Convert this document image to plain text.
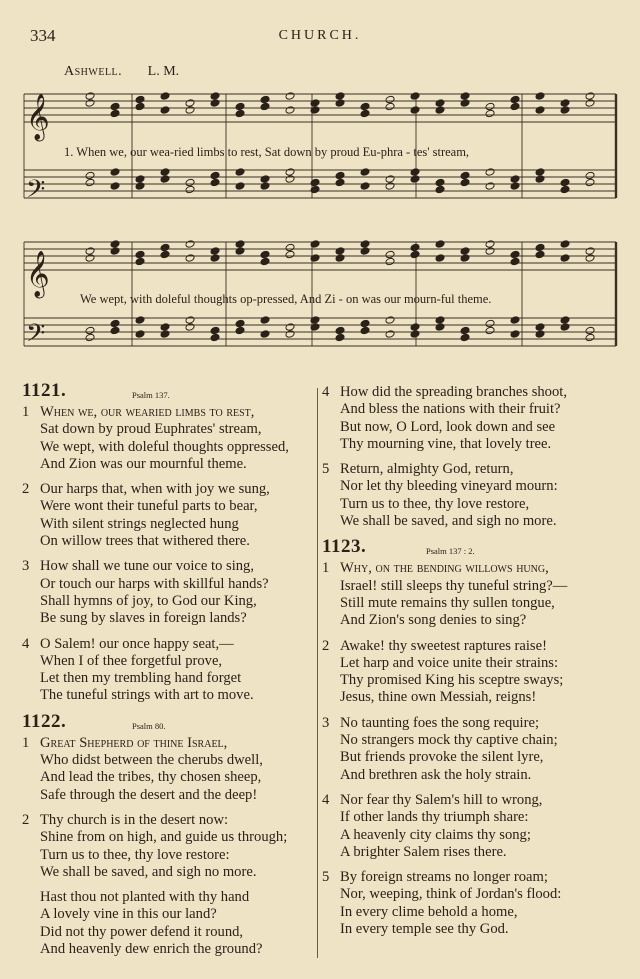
334	CHURCH.
Ashwell. L. M.
𝄞
𝄢
𝄞
𝄢
1. When we, our wea-ried limbs to rest, Sat down by proud Eu-phra - tes' stream,
We wept, with doleful thoughts op-pressed, And Zi - on was our mourn-ful theme.
1121.	Psalm 137.
1 When we, our wearied limbs to rest,
Sat down by proud Euphrates' stream,
We wept, with doleful thoughts oppressed,
And Zion was our mournful theme.
2 Our harps that, when with joy we sung,
Were wont their tuneful parts to bear,
With silent strings neglected hung
On willow trees that withered there.
3 How shall we tune our voice to sing,
Or touch our harps with skillful hands?
Shall hymns of joy, to God our King,
Be sung by slaves in foreign lands?
4 O Salem! our once happy seat,—
When I of thee forgetful prove,
Let then my trembling hand forget
The tuneful strings with art to move.
1122.	Psalm 80.
1 Great Shepherd of thine Israel,
Who didst between the cherubs dwell,
And lead the tribes, thy chosen sheep,
Safe through the desert and the deep!
2 Thy church is in the desert now:
Shine from on high, and guide us through;
Turn us to thee, thy love restore:
We shall be saved, and sigh no more.
Hast thou not planted with thy hand
A lovely vine in this our land?
Did not thy power defend it round,
And heavenly dew enrich the ground?
4 How did the spreading branches shoot,
And bless the nations with their fruit?
But now, O Lord, look down and see
Thy mourning vine, that lovely tree.
5 Return, almighty God, return,
Nor let thy bleeding vineyard mourn:
Turn us to thee, thy love restore,
We shall be saved, and sigh no more.
1123.	Psalm 137 : 2.
1 Why, on the bending willows hung,
Israel! still sleeps thy tuneful string?—
Still mute remains thy sullen tongue,
And Zion's song denies to sing?
2 Awake! thy sweetest raptures raise!
Let harp and voice unite their strains:
Thy promised King his sceptre sways;
Jesus, thine own Messiah, reigns!
3 No taunting foes the song require;
No strangers mock thy captive chain;
But friends provoke the silent lyre,
And brethren ask the holy strain.
4 Nor fear thy Salem's hill to wrong,
If other lands thy triumph share:
A heavenly city claims thy song;
A brighter Salem rises there.
5 By foreign streams no longer roam;
Nor, weeping, think of Jordan's flood:
In every clime behold a home,
In every temple see thy God.
